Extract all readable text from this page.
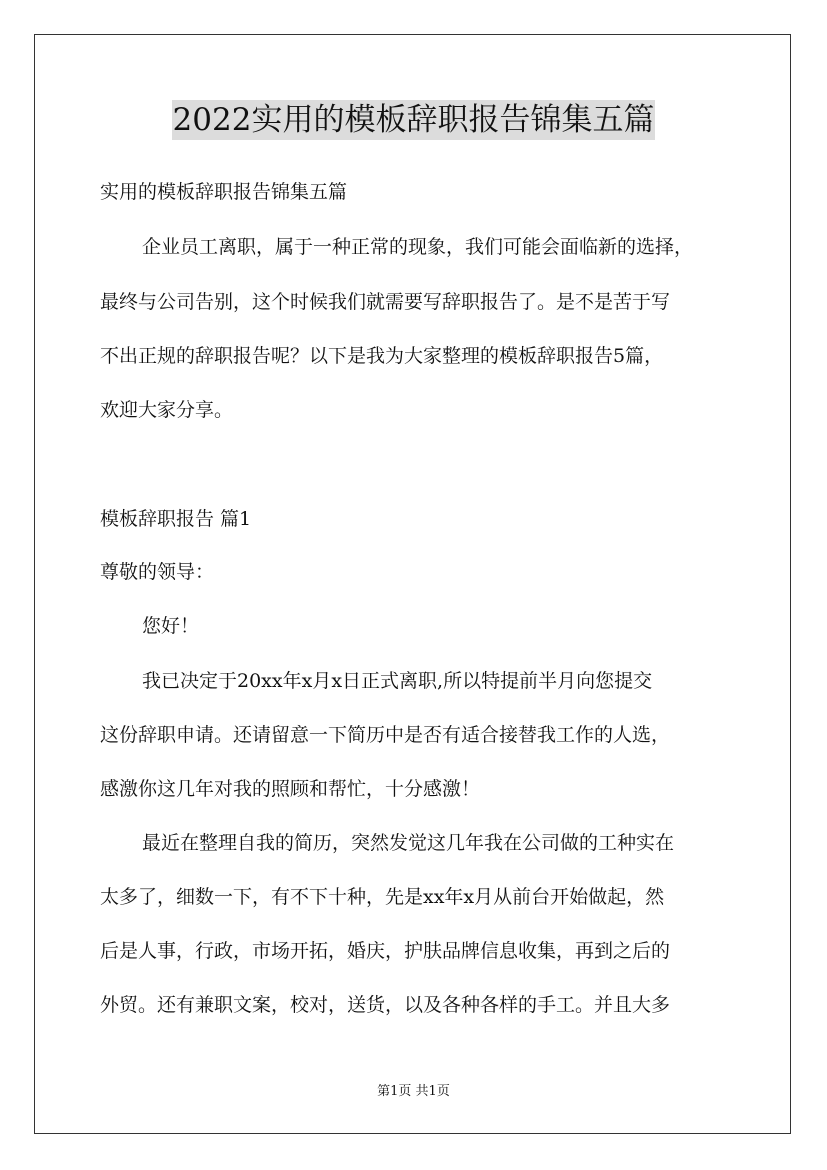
2022实用的模板辞职报告锦集五篇
实用的模板辞职报告锦集五篇
企业员工离职，属于一种正常的现象，我们可能会面临新的选择，
最终与公司告别，这个时候我们就需要写辞职报告了。是不是苦于写
不出正规的辞职报告呢？以下是我为大家整理的模板辞职报告5篇，
欢迎大家分享。
模板辞职报告 篇1
尊敬的领导：
您好！
我已决定于20xx年x月x日正式离职,所以特提前半月向您提交
这份辞职申请。还请留意一下简历中是否有适合接替我工作的人选，
感激你这几年对我的照顾和帮忙，十分感激！
最近在整理自我的简历，突然发觉这几年我在公司做的工种实在
太多了，细数一下，有不下十种，先是xx年x月从前台开始做起，然
后是人事，行政，市场开拓，婚庆，护肤品牌信息收集，再到之后的
外贸。还有兼职文案，校对，送货，以及各种各样的手工。并且大多
第1页 共1页
